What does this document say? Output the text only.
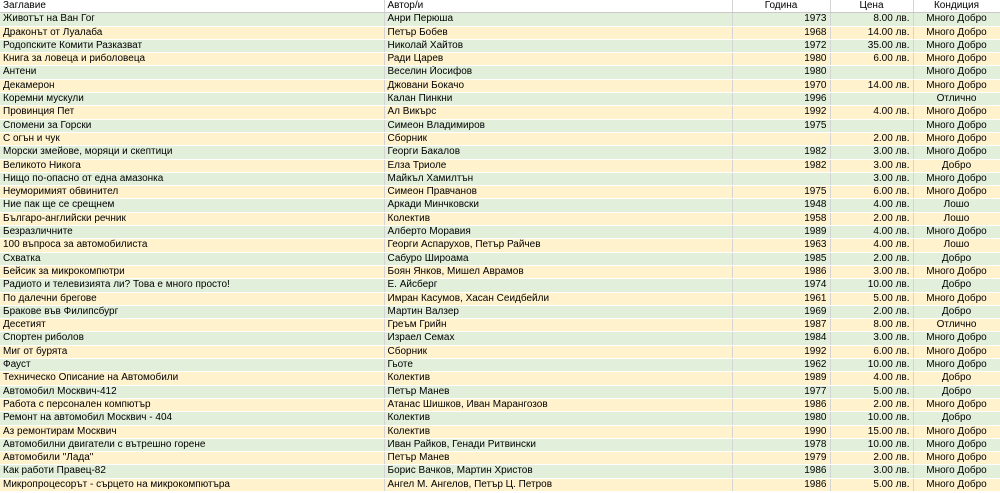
Заглавие	Автор/и	Година	Цена	Кондиция
Животът на Ван Гог	Анри Перюша	1973	8.00 лв.	Много Добро
Драконът от Луалаба	Петър Бобев	1968	14.00 лв.	Много Добро
Родопските Комити Разказват	Николай Хайтов	1972	35.00 лв.	Много Добро
Книга за ловеца и риболовеца	Ради Царев	1980	6.00 лв.	Много Добро
Антени	Веселин Йосифов	1980		Много Добро
Декамерон	Джовани Бокачо	1970	14.00 лв.	Много Добро
Коремни мускули	Калан Пинкни	1996		Отлично
Провинция Пет	Ал Викърс	1992	4.00 лв.	Много Добро
Спомени за Горски	Симеон Владимиров	1975		Много Добро
С огън и чук	Сборник		2.00 лв.	Много Добро
Морски змейове, моряци и скептици	Георги Бакалов	1982	3.00 лв.	Много Добро
Великото Никога	Елза Триоле	1982	3.00 лв.	Добро
Нищо по-опасно от една амазонка	Майкъл Хамилтън		3.00 лв.	Много Добро
Неуморимият обвинител	Симеон Правчанов	1975	6.00 лв.	Много Добро
Ние пак ще се срещнем	Аркади Минчковски	1948	4.00 лв.	Лошо
Българо-английски речник	Колектив	1958	2.00 лв.	Лошо
Безразличните	Алберто Моравия	1989	4.00 лв.	Много Добро
100 въпроса за автомобилиста	Георги Аспарухов, Петър Райчев	1963	4.00 лв.	Лошо
Схватка	Сабуро Широама	1985	2.00 лв.	Добро
Бейсик за микрокомпютри	Боян Янков, Мишел Аврамов	1986	3.00 лв.	Много Добро
Радиото и телевизията ли? Това е много просто!	Е. Айсберг	1974	10.00 лв.	Добро
По далечни брегове	Имран Касумов, Хасан Сеидбейли	1961	5.00 лв.	Много Добро
Бракове във Филипсбург	Мартин Валзер	1969	2.00 лв.	Добро
Десетият	Греъм Грийн	1987	8.00 лв.	Отлично
Спортен риболов	Израел Семах	1984	3.00 лв.	Много Добро
Миг от бурята	Сборник	1992	6.00 лв.	Много Добро
Фауст	Гьоте	1962	10.00 лв.	Много Добро
Техническо Описание на Автомобили	Колектив	1989	4.00 лв.	Добро
Автомобил Москвич-412	Петър Манев	1977	5.00 лв.	Добро
Работа с персонален компютър	Атанас Шишков, Иван Марангозов	1986	2.00 лв.	Много Добро
Ремонт на автомобил Москвич - 404	Колектив	1980	10.00 лв.	Добро
Аз ремонтирам Москвич	Колектив	1990	15.00 лв.	Много Добро
Автомобилни двигатели с вътрешно горене	Иван Райков, Генади Ритвински	1978	10.00 лв.	Много Добро
Автомобили "Лада"	Петър Манев	1979	2.00 лв.	Много Добро
Как работи Правец-82	Борис Вачков, Мартин Христов	1986	3.00 лв.	Много Добро
Микропроцесорът - сърцето на микрокомпютъра	Ангел М. Ангелов, Петър Ц. Петров	1986	5.00 лв.	Много Добро
